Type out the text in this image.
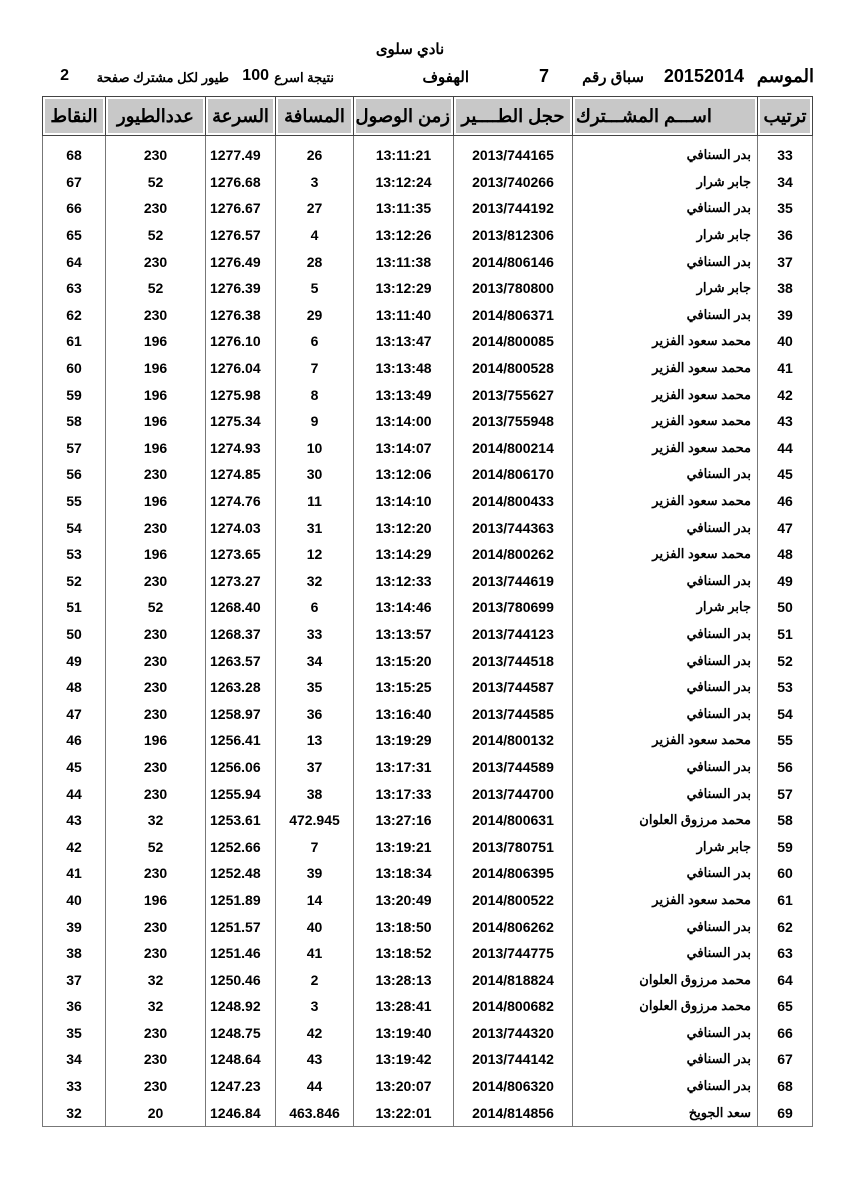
نادي سلوى
الموسم
20152014
سباق رقم
7
الهفوف
نتيجة اسرع
100
طيور لكل مشترك صفحة
2
ترتيب	اســـم المشـــترك	حجل الطــــير	زمن الوصول	المسافة	السرعة	عددالطيور	النقاط
33	بدر السنافي	2013/744165	13:11:21	26	1277.49	230	68
34	جابر شرار	2013/740266	13:12:24	3	1276.68	52	67
35	بدر السنافي	2013/744192	13:11:35	27	1276.67	230	66
36	جابر شرار	2013/812306	13:12:26	4	1276.57	52	65
37	بدر السنافي	2014/806146	13:11:38	28	1276.49	230	64
38	جابر شرار	2013/780800	13:12:29	5	1276.39	52	63
39	بدر السنافي	2014/806371	13:11:40	29	1276.38	230	62
40	محمد سعود الفزير	2014/800085	13:13:47	6	1276.10	196	61
41	محمد سعود الفزير	2014/800528	13:13:48	7	1276.04	196	60
42	محمد سعود الفزير	2013/755627	13:13:49	8	1275.98	196	59
43	محمد سعود الفزير	2013/755948	13:14:00	9	1275.34	196	58
44	محمد سعود الفزير	2014/800214	13:14:07	10	1274.93	196	57
45	بدر السنافي	2014/806170	13:12:06	30	1274.85	230	56
46	محمد سعود الفزير	2014/800433	13:14:10	11	1274.76	196	55
47	بدر السنافي	2013/744363	13:12:20	31	1274.03	230	54
48	محمد سعود الفزير	2014/800262	13:14:29	12	1273.65	196	53
49	بدر السنافي	2013/744619	13:12:33	32	1273.27	230	52
50	جابر شرار	2013/780699	13:14:46	6	1268.40	52	51
51	بدر السنافي	2013/744123	13:13:57	33	1268.37	230	50
52	بدر السنافي	2013/744518	13:15:20	34	1263.57	230	49
53	بدر السنافي	2013/744587	13:15:25	35	1263.28	230	48
54	بدر السنافي	2013/744585	13:16:40	36	1258.97	230	47
55	محمد سعود الفزير	2014/800132	13:19:29	13	1256.41	196	46
56	بدر السنافي	2013/744589	13:17:31	37	1256.06	230	45
57	بدر السنافي	2013/744700	13:17:33	38	1255.94	230	44
58	محمد مرزوق العلوان	2014/800631	13:27:16	472.945	1253.61	32	43
59	جابر شرار	2013/780751	13:19:21	7	1252.66	52	42
60	بدر السنافي	2014/806395	13:18:34	39	1252.48	230	41
61	محمد سعود الفزير	2014/800522	13:20:49	14	1251.89	196	40
62	بدر السنافي	2014/806262	13:18:50	40	1251.57	230	39
63	بدر السنافي	2013/744775	13:18:52	41	1251.46	230	38
64	محمد مرزوق العلوان	2014/818824	13:28:13	2	1250.46	32	37
65	محمد مرزوق العلوان	2014/800682	13:28:41	3	1248.92	32	36
66	بدر السنافي	2013/744320	13:19:40	42	1248.75	230	35
67	بدر السنافي	2013/744142	13:19:42	43	1248.64	230	34
68	بدر السنافي	2014/806320	13:20:07	44	1247.23	230	33
69	سعد الجويخ	2014/814856	13:22:01	463.846	1246.84	20	32
